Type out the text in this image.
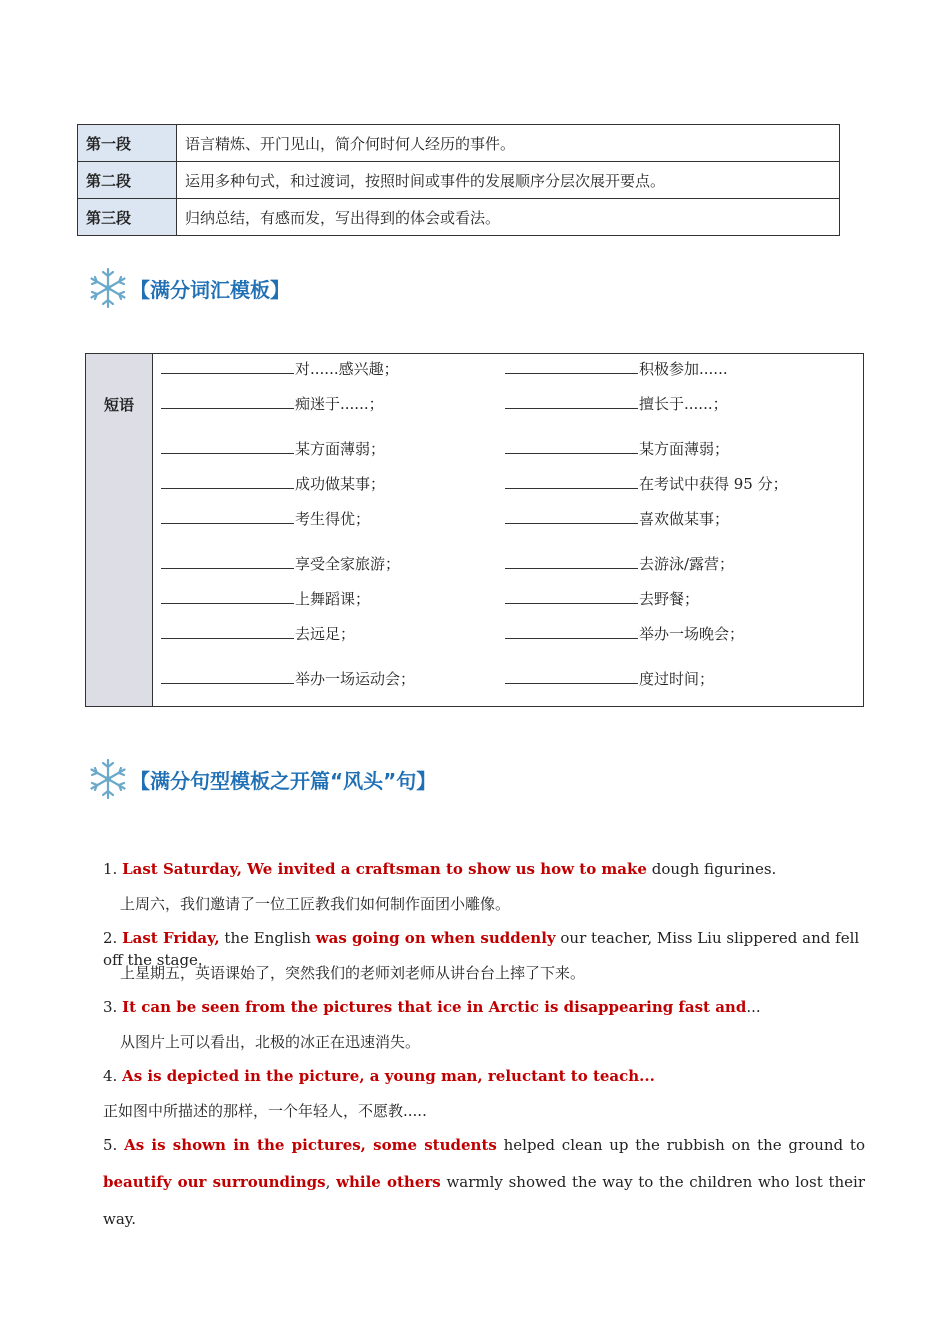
第一段	语言精炼、开门见山，简介何时何人经历的事件。
第二段	运用多种句式，和过渡词，按照时间或事件的发展顺序分层次展开要点。
第三段	归纳总结，有感而发，写出得到的体会或看法。
【满分词汇模板】
短语
对......感兴趣；	积极参加......
痴迷于......；	擅长于......；
某方面薄弱；	某方面薄弱；
成功做某事；	在考试中获得 95 分；
考生得优；	喜欢做某事；
享受全家旅游；	去游泳/露营；
上舞蹈课；	去野餐；
去远足；	举办一场晚会；
举办一场运动会；	度过时间；
【满分句型模板之开篇“风头”句】
1. Last Saturday, We invited a craftsman to show us how to make dough figurines.
上周六，我们邀请了一位工匠教我们如何制作面团小雕像。
2. Last Friday, the English was going on when suddenly our teacher, Miss Liu slippered and fell off the stage.
上星期五，英语课始了，突然我们的老师刘老师从讲台台上摔了下来。
3. It can be seen from the pictures that ice in Arctic is disappearing fast and...
从图片上可以看出，北极的冰正在迅速消失。
4. As is depicted in the picture, a young man, reluctant to teach...
正如图中所描述的那样，一个年轻人，不愿教.....
5. As is shown in the pictures, some students helped clean up the rubbish on the ground to beautify our surroundings, while others warmly showed the way to the children who lost their way.
